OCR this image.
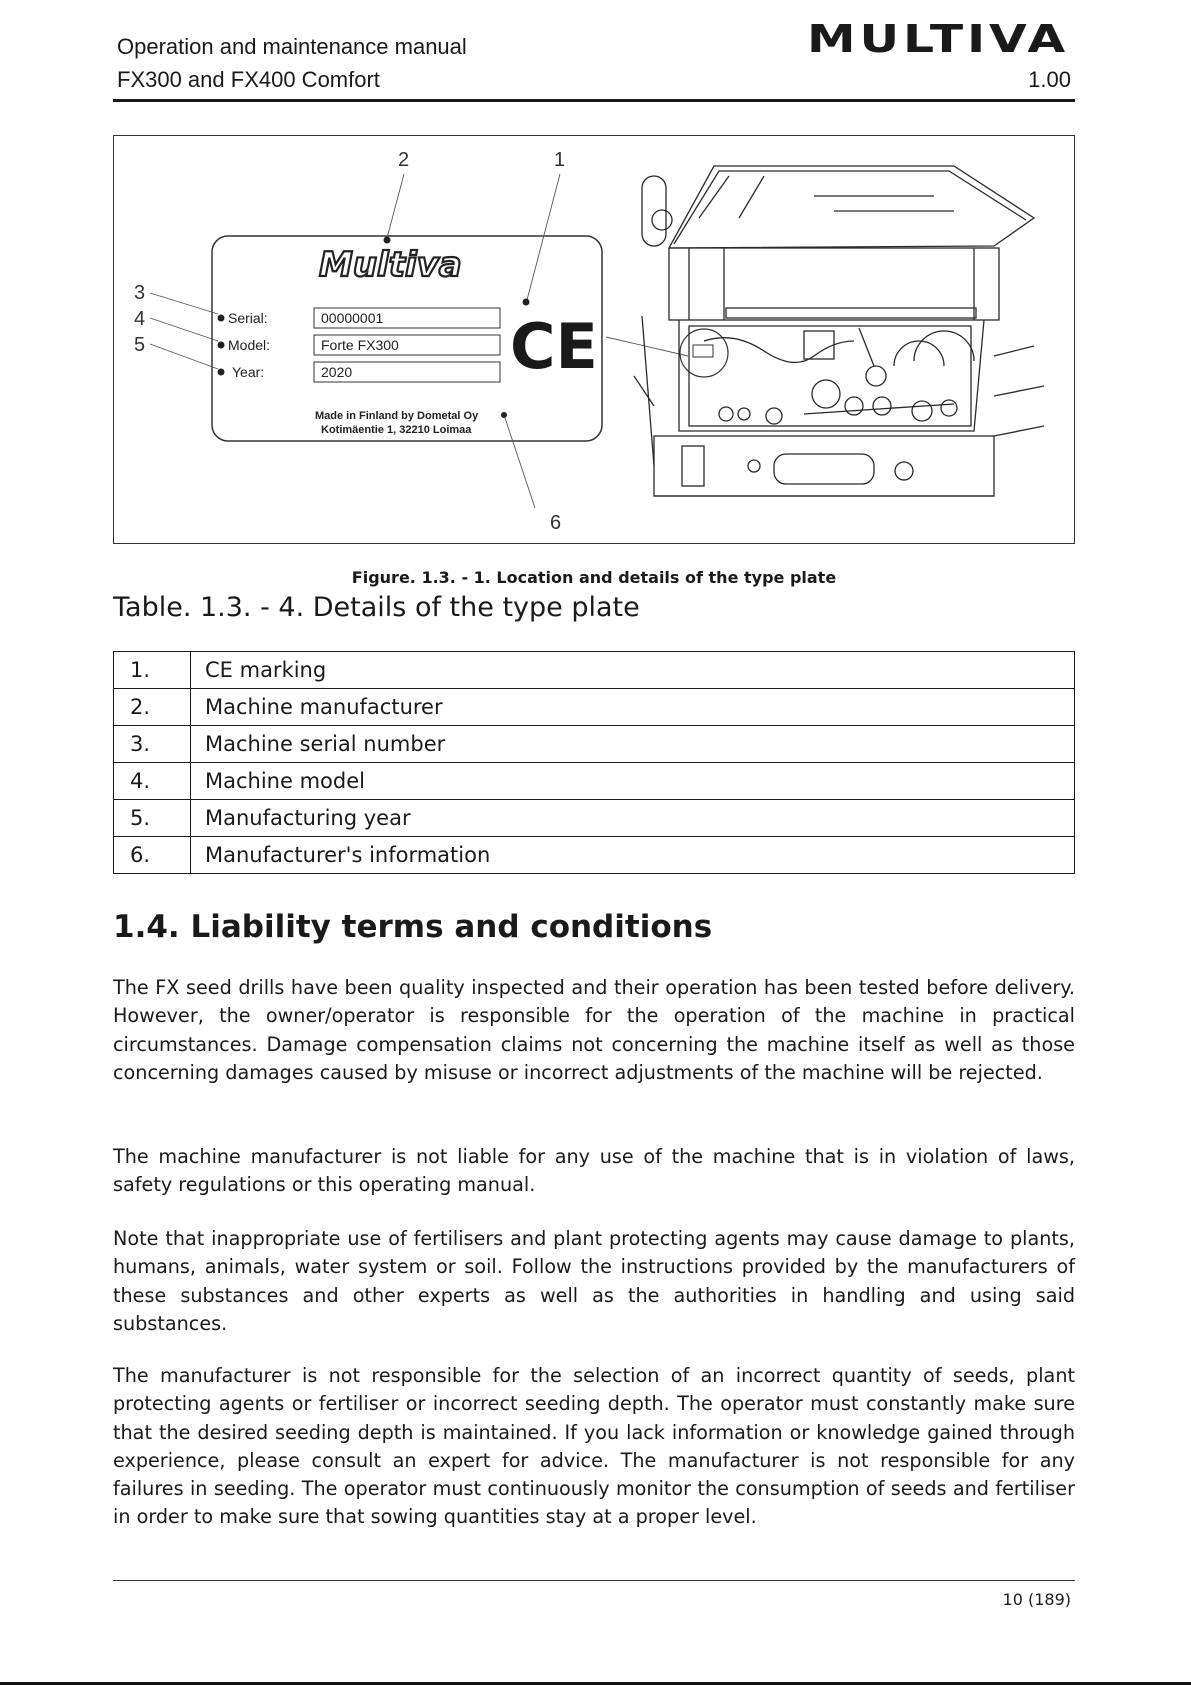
Operation and maintenance manual
FX300 and FX400 Comfort	1.00
MULTIVA
Multiva
Serial:	00000001
Model:	Forte FX300
Year:	2020	CE
Made in Finland by Dometal Oy
Kotimäentie 1, 32210 Loimaa
2	1
3
4
5
6
Figure. 1.3. - 1. Location and details of the type plate
Table. 1.3. - 4. Details of the type plate
1.	CE marking
2.	Machine manufacturer
3.	Machine serial number
4.	Machine model
5.	Manufacturing year
6.	Manufacturer's information
1.4. Liability terms and conditions

The FX seed drills have been quality inspected and their operation has been tested before delivery. However, the owner/operator is responsible for the operation of the machine in practical circumstances. Damage compensation claims not concerning the machine itself as well as those concerning damages caused by misuse or incorrect adjustments of the machine will be rejected.

The machine manufacturer is not liable for any use of the machine that is in violation of laws, safety regulations or this operating manual.

Note that inappropriate use of fertilisers and plant protecting agents may cause damage to plants, humans, animals, water system or soil. Follow the instructions provided by the manufacturers of these substances and other experts as well as the authorities in handling and using said substances.

The manufacturer is not responsible for the selection of an incorrect quantity of seeds, plant protecting agents or fertiliser or incorrect seeding depth. The operator must constantly make sure that the desired seeding depth is maintained. If you lack information or knowledge gained through experience, please consult an expert for advice. The manufacturer is not responsible for any failures in seeding. The operator must continuously monitor the consumption of seeds and fertiliser in order to make sure that sowing quantities stay at a proper level.

10 (189)
